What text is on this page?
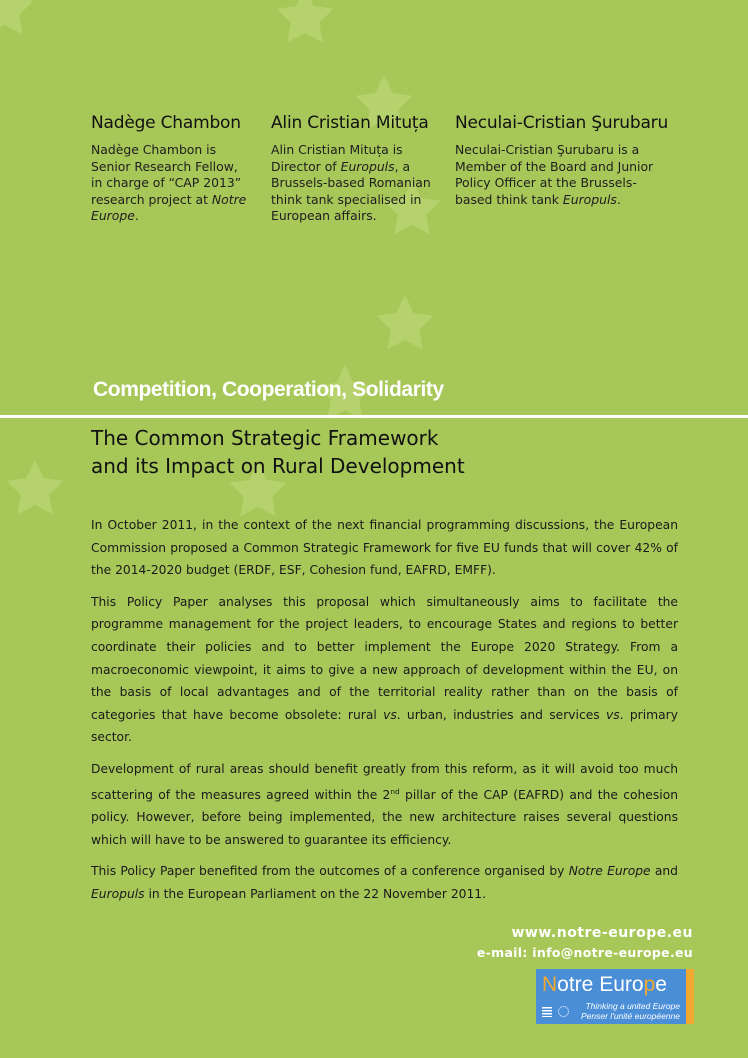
Nadège Chambon
Nadège Chambon is Senior Research Fellow, in charge of “CAP 2013” research project at Notre Europe.
Alin Cristian Mituța
Alin Cristian Mituța is Director of Europuls, a Brussels-based Romanian think tank specialised in European affairs.
Neculai-Cristian Şurubaru
Neculai-Cristian Şurubaru is a Member of the Board and Junior Policy Officer at the Brussels-based think tank Europuls.
Competition, Cooperation, Solidarity
The Common Strategic Framework
and its Impact on Rural Development

In October 2011, in the context of the next financial programming discussions, the European Commission proposed a Common Strategic Framework for five EU funds that will cover 42% of the 2014-2020 budget (ERDF, ESF, Cohesion fund, EAFRD, EMFF).

This Policy Paper analyses this proposal which simultaneously aims to facilitate the programme management for the project leaders, to encourage States and regions to better coordinate their policies and to better implement the Europe 2020 Strategy. From a macroeconomic viewpoint, it aims to give a new approach of development within the EU, on the basis of local advantages and of the territorial reality rather than on the basis of categories that have become obsolete: rural vs. urban, industries and services vs. primary sector.

Development of rural areas should benefit greatly from this reform, as it will avoid too much scattering of the measures agreed within the 2nd pillar of the CAP (EAFRD) and the cohesion policy. However, before being implemented, the new architecture raises several questions which will have to be answered to guarantee its efficiency.

This Policy Paper benefited from the outcomes of a conference organised by Notre Europe and Europuls in the European Parliament on the 22 November 2011.

www.notre-europe.eu
e-mail: info@notre-europe.eu
Notre Europe
Thinking a united Europe
Penser l'unité européenne
